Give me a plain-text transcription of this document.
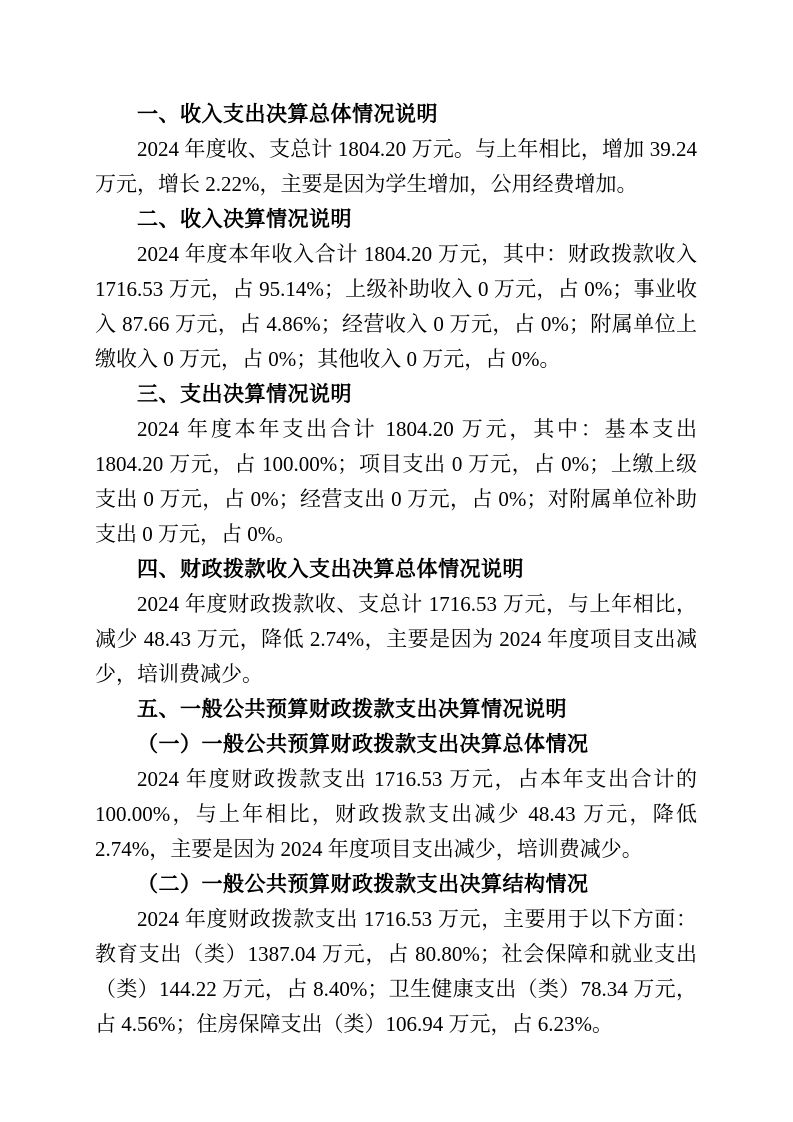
一、收入支出决算总体情况说明

2024 年度收、支总计 1804.20 万元。与上年相比，增加 39.24 万元，增长 2.22%，主要是因为学生增加，公用经费增加。

二、收入决算情况说明

2024 年度本年收入合计 1804.20 万元，其中：财政拨款收入 1716.53 万元，占 95.14%；上级补助收入 0 万元，占 0%；事业收入 87.66 万元，占 4.86%；经营收入 0 万元，占 0%；附属单位上缴收入 0 万元，占 0%；其他收入 0 万元，占 0%。

三、支出决算情况说明

2024 年度本年支出合计 1804.20 万元，其中：基本支出 1804.20 万元，占 100.00%；项目支出 0 万元，占 0%；上缴上级支出 0 万元，占 0%；经营支出 0 万元，占 0%；对附属单位补助支出 0 万元，占 0%。

四、财政拨款收入支出决算总体情况说明

2024 年度财政拨款收、支总计 1716.53 万元，与上年相比，减少 48.43 万元，降低 2.74%，主要是因为 2024 年度项目支出减少，培训费减少。

五、一般公共预算财政拨款支出决算情况说明
（一）一般公共预算财政拨款支出决算总体情况

2024 年度财政拨款支出 1716.53 万元，占本年支出合计的 100.00%，与上年相比，财政拨款支出减少 48.43 万元，降低 2.74%，主要是因为 2024 年度项目支出减少，培训费减少。

（二）一般公共预算财政拨款支出决算结构情况

2024 年度财政拨款支出 1716.53 万元，主要用于以下方面：教育支出（类）1387.04 万元，占 80.80%；社会保障和就业支出（类）144.22 万元，占 8.40%；卫生健康支出（类）78.34 万元，占 4.56%；住房保障支出（类）106.94 万元，占 6.23%。
